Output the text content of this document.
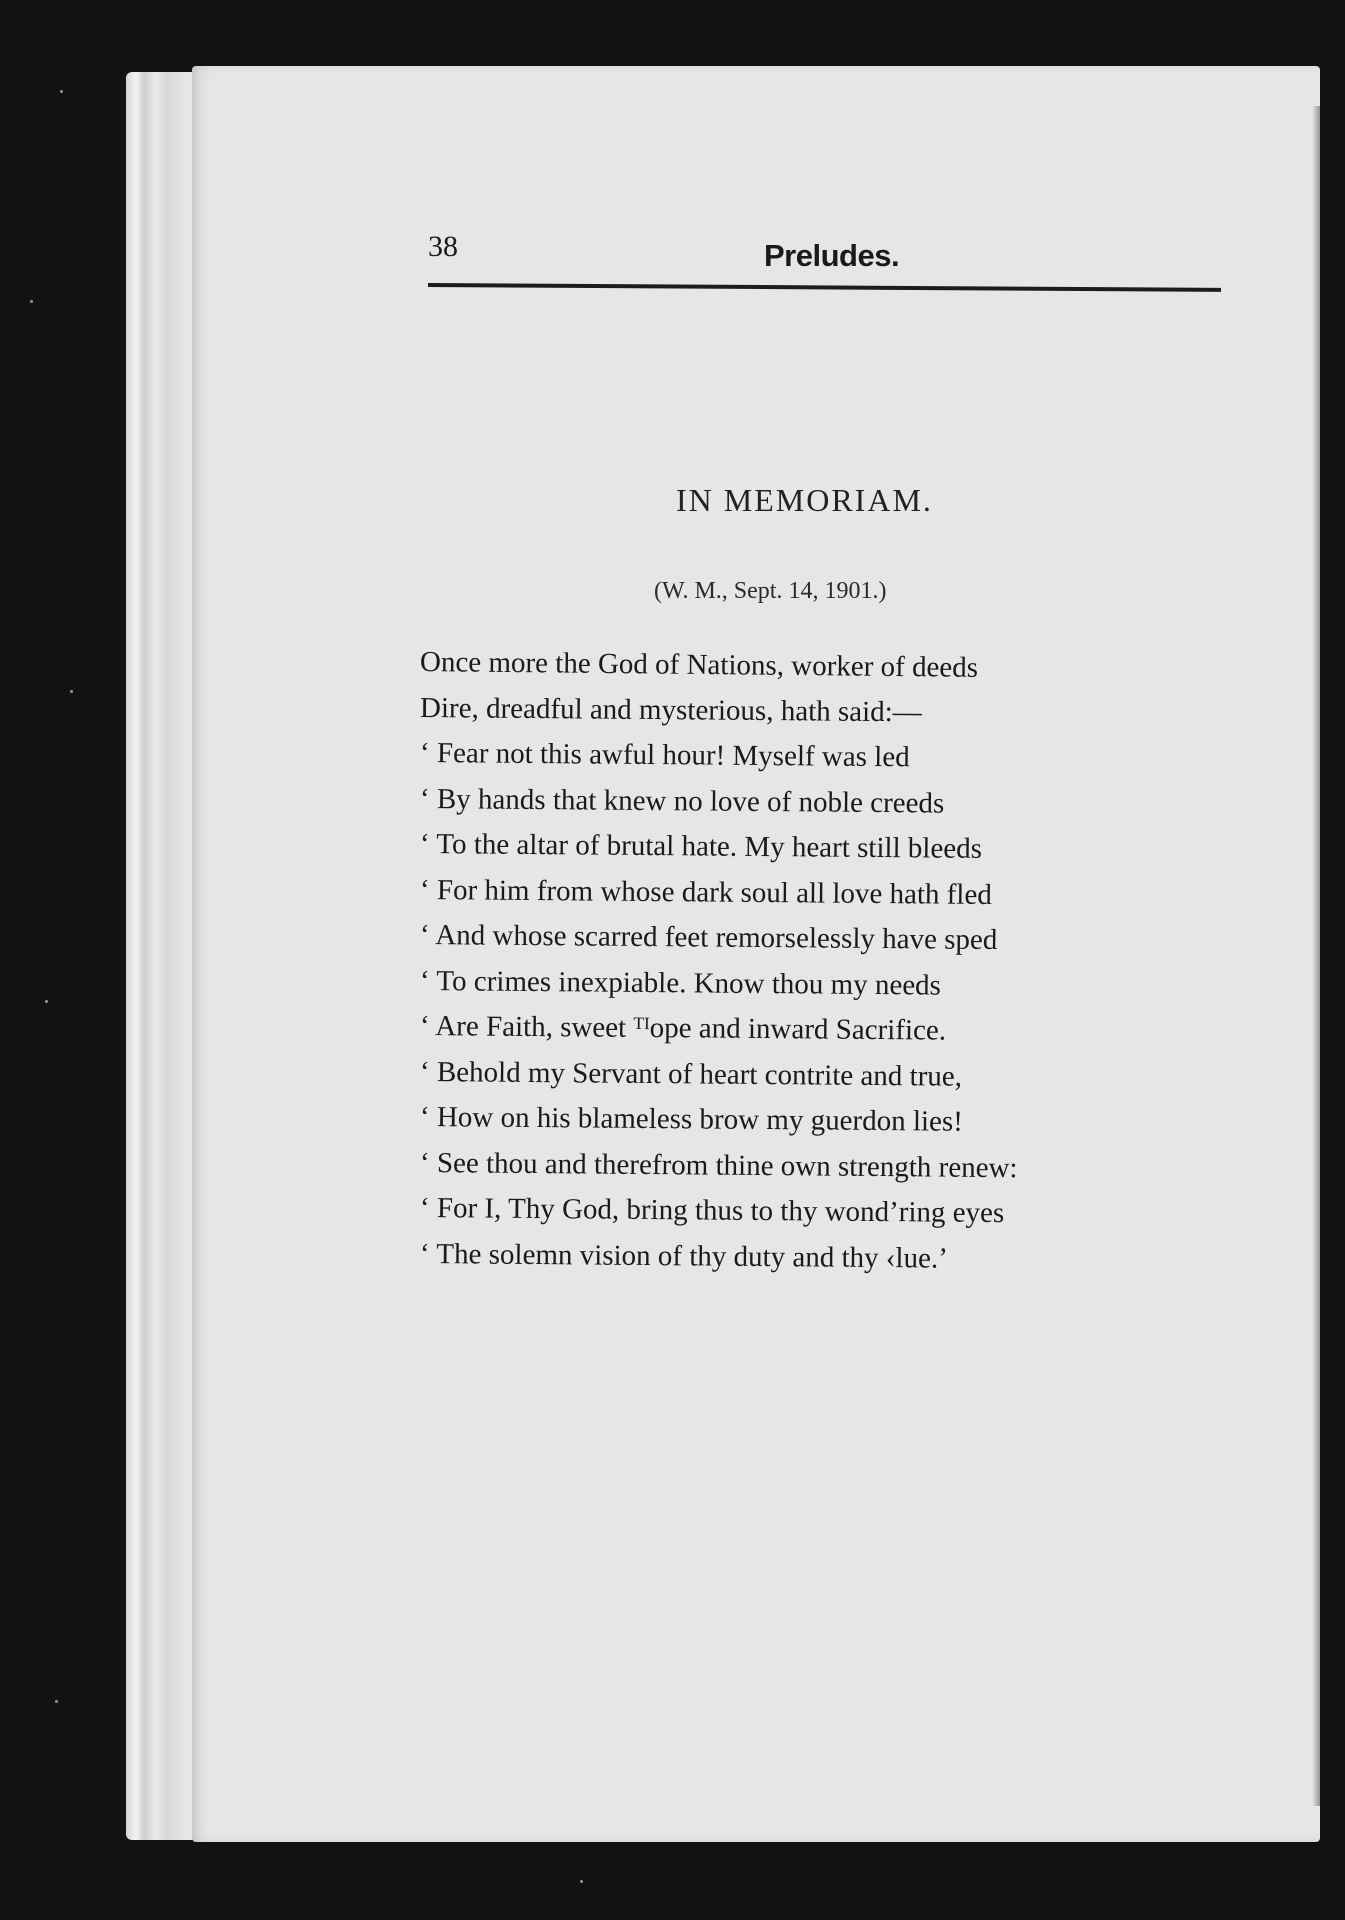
38	Preludes.
IN MEMORIAM.
(W. M., Sept. 14, 1901.)
Once more the God of Nations, worker of deeds
Dire, dreadful and mysterious, hath said:—
‘ Fear not this awful hour! Myself was led
‘ By hands that knew no love of noble creeds
‘ To the altar of brutal hate. My heart still bleeds
‘ For him from whose dark soul all love hath fled
‘ And whose scarred feet remorselessly have sped
‘ To crimes inexpiable. Know thou my needs
‘ Are Faith, sweet ᵀᴵope and inward Sacrifice.
‘ Behold my Servant of heart contrite and true,
‘ How on his blameless brow my guerdon lies!
‘ See thou and therefrom thine own strength renew:
‘ For I, Thy God, bring thus to thy wond’ring eyes
‘ The solemn vision of thy duty and thy ‹lue.’
